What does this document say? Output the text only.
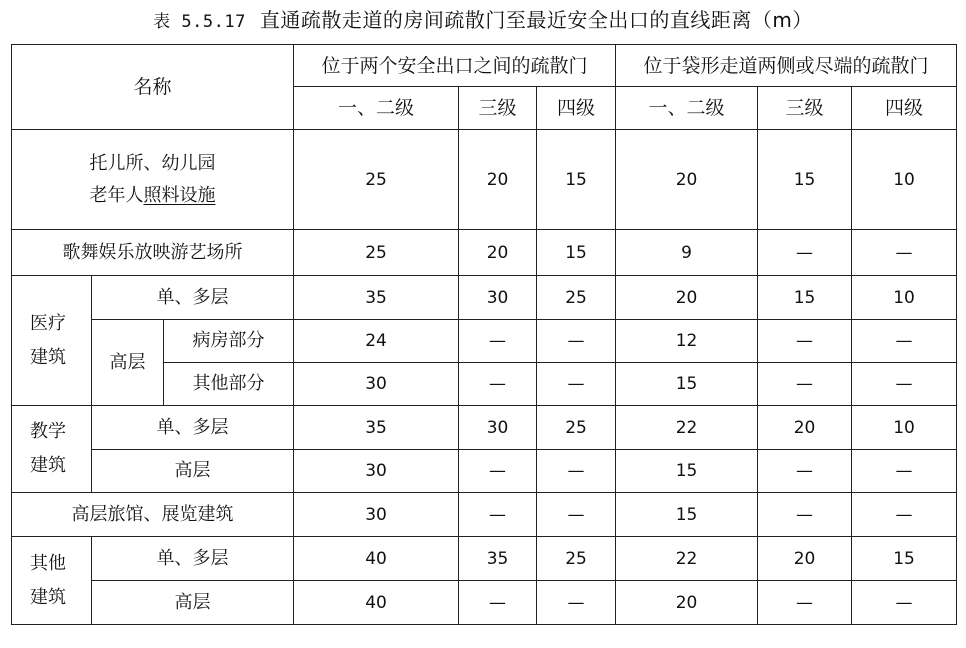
表 5.5.17 直通疏散走道的房间疏散门至最近安全出口的直线距离（m）
名称			位于两个安全出口之间的疏散门			位于袋形走道两侧或尽端的疏散门		
			一、二级	三级	四级	一、二级	三级	四级

托儿所、幼儿园
老年人照料设施			25	20	15	20	15	10
歌舞娱乐放映游艺场所			25	20	15	9	—	—

医疗建筑	单、多层		35	30	25	20	15	10
	高层	病房部分	24	—	—	12	—	—
		其他部分	30	—	—	15	—	—

教学建筑	单、多层		35	30	25	22	20	10
	高层		30	—	—	15	—	—
高层旅馆、展览建筑			30	—	—	15	—	—

其他建筑	单、多层		40	35	25	22	20	15
	高层		40	—	—	20	—	—
